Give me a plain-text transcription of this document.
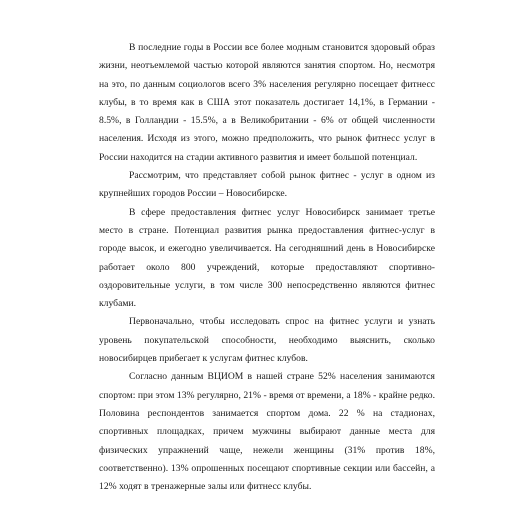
В последние годы в России все более модным становится здоровый образ жизни, неотъемлемой частью которой являются занятия спортом. Но, несмотря на это, по данным социологов всего 3% населения регулярно посещает фитнесс клубы, в то время как в США этот показатель достигает 14,1%, в Германии - 8.5%, в Голландии - 15.5%, а в Великобритании - 6% от общей численности населения. Исходя из этого, можно предположить, что рынок фитнесс услуг в России находится на стадии активного развития и имеет большой потенциал.

Рассмотрим, что представляет собой рынок фитнес - услуг в одном из крупнейших городов России – Новосибирске.

В сфере предоставления фитнес услуг Новосибирск занимает третье место в стране. Потенциал развития рынка предоставления фитнес-услуг в городе высок, и ежегодно увеличивается. На сегодняшний день в Новосибирске работает около 800 учреждений, которые предоставляют спортивно-оздоровительные услуги, в том числе 300 непосредственно являются фитнес клубами.

Первоначально, чтобы исследовать спрос на фитнес услуги и узнать уровень покупательской способности, необходимо выяснить, сколько новосибирцев прибегает к услугам фитнес клубов.

Согласно данным ВЦИОМ в нашей стране 52% населения занимаются спортом: при этом 13% регулярно, 21% - время от времени, а 18% - крайне редко. Половина респондентов занимается спортом дома. 22 % на стадионах, спортивных площадках, причем мужчины выбирают данные места для физических упражнений чаще, нежели женщины (31% против 18%, соответственно). 13% опрошенных посещают спортивные секции или бассейн, а 12% ходят в тренажерные залы или фитнесс клубы.
